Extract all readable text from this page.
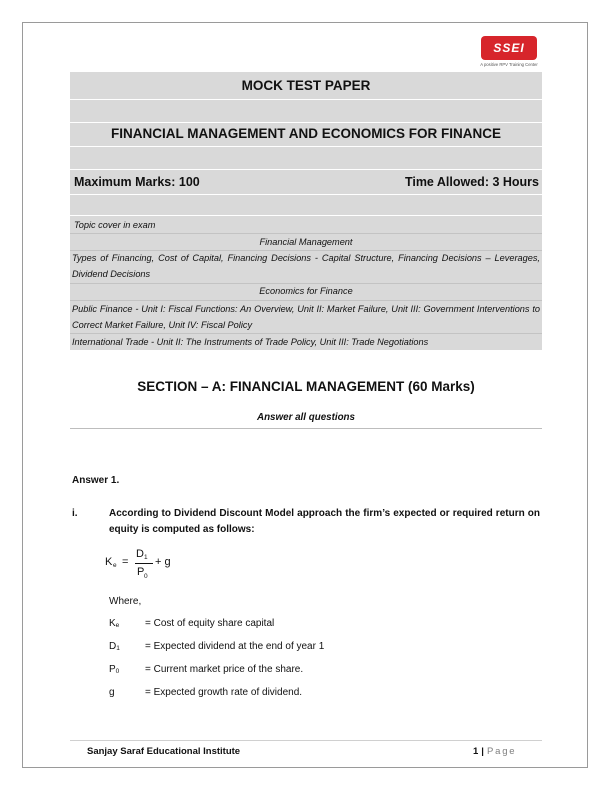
SSEI
A positive RPV Training Center
MOCK TEST PAPER
FINANCIAL MANAGEMENT AND ECONOMICS FOR FINANCE
Maximum Marks: 100	Time Allowed: 3 Hours
Topic cover in exam
Financial Management
Types of Financing, Cost of Capital, Financing Decisions - Capital Structure, Financing Decisions – Leverages, Dividend Decisions
Economics for Finance
Public Finance - Unit I: Fiscal Functions: An Overview, Unit II: Market Failure, Unit III: Government Interventions to Correct Market Failure, Unit IV: Fiscal Policy
International Trade - Unit II: The Instruments of Trade Policy, Unit III: Trade Negotiations
SECTION – A: FINANCIAL MANAGEMENT (60 Marks)
Answer all questions
Answer 1.
i.	According to Dividend Discount Model approach the firm’s expected or required return on equity is computed as follows:
K e =
D 1
P 0
+ g
Where,
$K_e$	= Cost of equity share capital
$D_1$	= Expected dividend at the end of year 1
$P_0$	= Current market price of the share.
g	= Expected growth rate of dividend.
Sanjay Saraf Educational Institute	1 | Page
